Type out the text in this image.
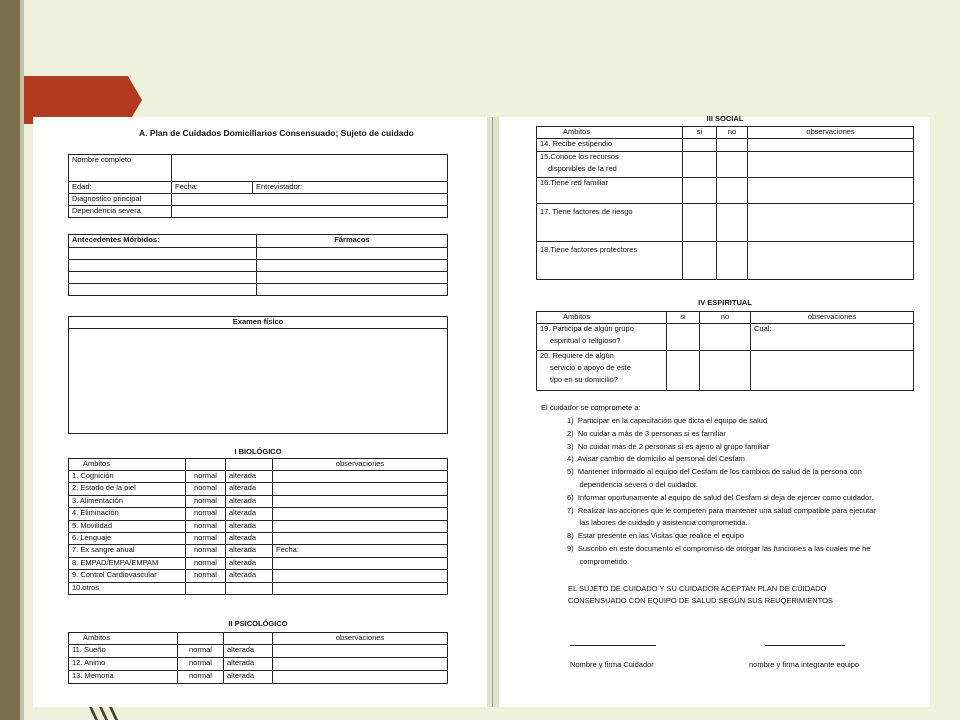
A. Plan de Cuidados Domiciliarios Consensuado; Sujeto de cuidado
Nombre completo		
Edad:	Fecha:	Entrevistador:
Diagnostico principal		
Dependencia severa		
Antecedentes Mórbidos:	Fármacos

Examen físico

I BIOLÓGICO
Ambitos			observaciones
1. Cognición	normal	alterada	
2. Estado de la piel	normal	alterada	
3. Alimentación	normal	alterada	
4. Eliminación	normal	alterada	
5. Movilidad	normal	alterada	
6. Lenguaje	normal	alterada	
7. Ex sangre anual	normal	alterada	Fecha:
8. EMPAD/EMPA/EMPAM	normal	alterada	
9. Control Cardiovascular	normal	alterada	
10.otros			
II PSICOLÓGICO
Ambitos			observaciones
11. Sueño	normal	alterada	
12. Animo	normal	alterada	
13. Memoria	normal	alterada	
III SOCIAL
Ambitos	si	no	observaciones

14. Recibe estipendio			

15.Conoce los recursos
disponibles de la red			

16.Tiene red familiar			

17. Tiene factores de riesgo			

18.Tiene factores protectores			

IV ESPIRITUAL
Ambitos	si	no	observaciones

19. Participa de algún grupo
espiritual o religioso?			Cual:

20. Requiere de algún
servicio o apoyo de este
tipo en su domicilio?			

El cuidador se compromete a:
1)  Participar en la capacitación que dicta el equipo de salud
2)  No cuidar a más de 3 personas si es familiar
3)  No cuidar más de 2 personas si es ajeno al grupo familiar
4)  Avisar cambio de domicilio al personal del Cesfam
5)  Mantener informado al equipo del Cesfam de los cambios de salud de la persona con
dependencia severa o del cuidador.
6)  Informar oportunamente al equipo de salud del Cesfam si deja de ejercer como cuidador.
7)  Realizar las acciones que le competen para mantener una salud compatible para ejecutar
las labores de cuidado y asistencia comprometida.
8)  Estar presente en las Visitas que realice el equipo
9)  Suscribo en este documento el compromiso de otorgar las funciones a las cuales me he
comprometido.
EL SUJETO DE CUIDADO Y SU CUIDADOR ACEPTAN PLAN DE CUIDADO
CONSENSUADO CON EQUIPO DE SALUD SEGÚN SUS REUQERIMIENTOS
Nombre y firma Cuidador	nombre y firma integrante equipo
